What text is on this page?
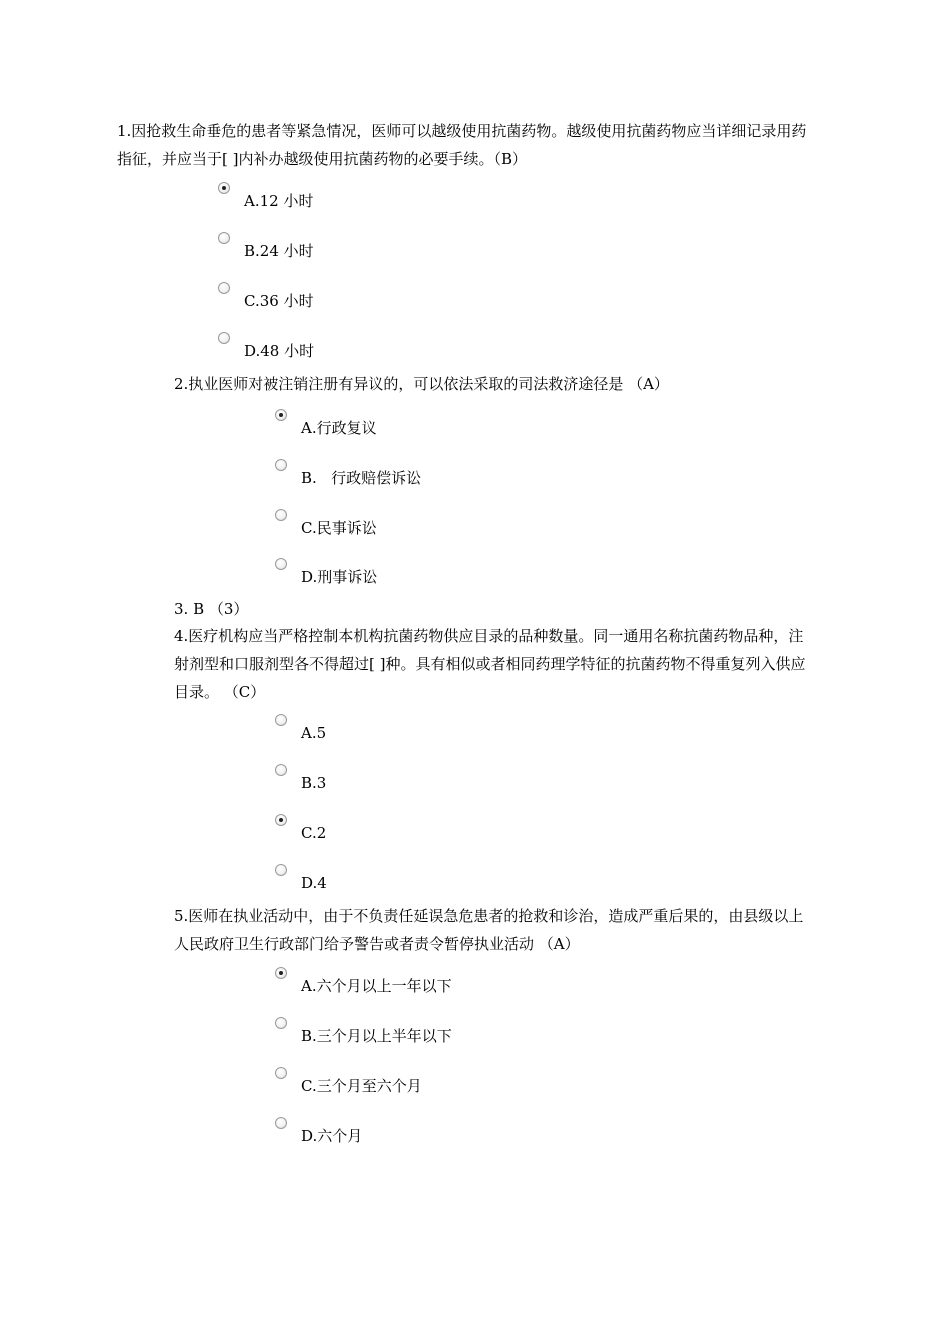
1.因抢救生命垂危的患者等紧急情况，医师可以越级使用抗菌药物。越级使用抗菌药物应当详细记录用药指征，并应当于[ ]内补办越级使用抗菌药物的必要手续。（B）
A.12 小时
B.24 小时
C.36 小时
D.48 小时
2.执业医师对被注销注册有异议的，可以依法采取的司法救济途径是 （A）
A.行政复议
B.   行政赔偿诉讼
C.民事诉讼
D.刑事诉讼
3. B （3）
4.医疗机构应当严格控制本机构抗菌药物供应目录的品种数量。同一通用名称抗菌药物品种，注射剂型和口服剂型各不得超过[ ]种。具有相似或者相同药理学特征的抗菌药物不得重复列入供应目录。 （C）
A.5
B.3
C.2
D.4
5.医师在执业活动中，由于不负责任延误急危患者的抢救和诊治，造成严重后果的，由县级以上人民政府卫生行政部门给予警告或者责令暂停执业活动 （A）
A.六个月以上一年以下
B.三个月以上半年以下
C.三个月至六个月
D.六个月
